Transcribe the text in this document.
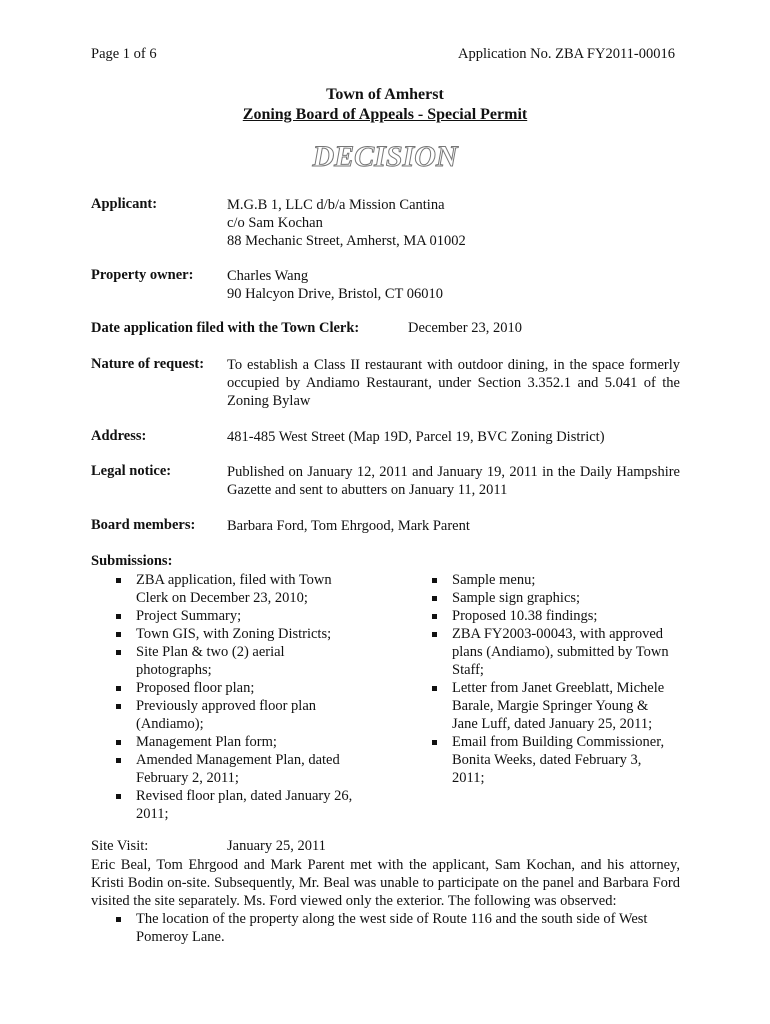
Page 1 of 6	Application No. ZBA FY2011-00016
Town of Amherst
Zoning Board of Appeals - Special Permit
DECISION
Applicant:	M.G.B 1, LLC d/b/a Mission Cantina
c/o Sam Kochan
88 Mechanic Street, Amherst, MA 01002
Property owner: Charles Wang
90 Halcyon Drive, Bristol, CT 06010
Date application filed with the Town Clerk:	December 23, 2010
Nature of request: To establish a Class II restaurant with outdoor dining, in the space formerly occupied by Andiamo Restaurant, under Section 3.352.1 and 5.041 of the Zoning Bylaw
Address:	481-485 West Street (Map 19D, Parcel 19, BVC Zoning District)
Legal notice:	Published on January 12, 2011 and January 19, 2011 in the Daily Hampshire Gazette and sent to abutters on January 11, 2011
Board members: Barbara Ford, Tom Ehrgood, Mark Parent
Submissions:
ZBA application, filed with Town Clerk on December 23, 2010;
Project Summary;
Town GIS, with Zoning Districts;
Site Plan & two (2) aerial photographs;
Proposed floor plan;
Previously approved floor plan (Andiamo);
Management Plan form;
Amended Management Plan, dated February 2, 2011;
Revised floor plan, dated January 26, 2011;
Sample menu;
Sample sign graphics;
Proposed 10.38 findings;
ZBA FY2003-00043, with approved plans (Andiamo), submitted by Town Staff;
Letter from Janet Greeblatt, Michele Barale, Margie Springer Young & Jane Luff, dated January 25, 2011;
Email from Building Commissioner, Bonita Weeks, dated February 3, 2011;
Site Visit:	January 25, 2011
Eric Beal, Tom Ehrgood and Mark Parent met with the applicant, Sam Kochan, and his attorney, Kristi Bodin on-site. Subsequently, Mr. Beal was unable to participate on the panel and Barbara Ford visited the site separately. Ms. Ford viewed only the exterior. The following was observed:
The location of the property along the west side of Route 116 and the south side of West Pomeroy Lane.
